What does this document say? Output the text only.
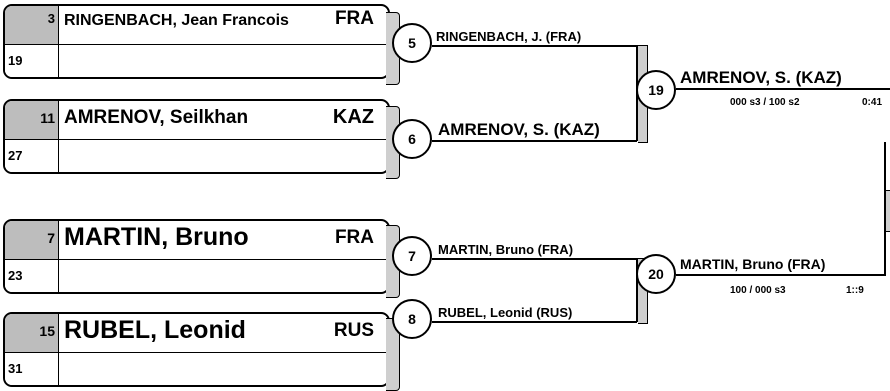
3
19
RINGENBACH, Jean Francois FRA
11
27
AMRENOV, Seilkhan	KAZ
7
23
MARTIN, Bruno	FRA
15
31
RUBEL, Leonid	RUS
5	RINGENBACH, J. (FRA)
6	AMRENOV, S. (KAZ)
7	MARTIN, Bruno (FRA)
8	RUBEL, Leonid (RUS)
19
AMRENOV, S. (KAZ)
000 s3 / 100 s2	0:41
20
MARTIN, Bruno (FRA)
100 / 000 s3	1::9
